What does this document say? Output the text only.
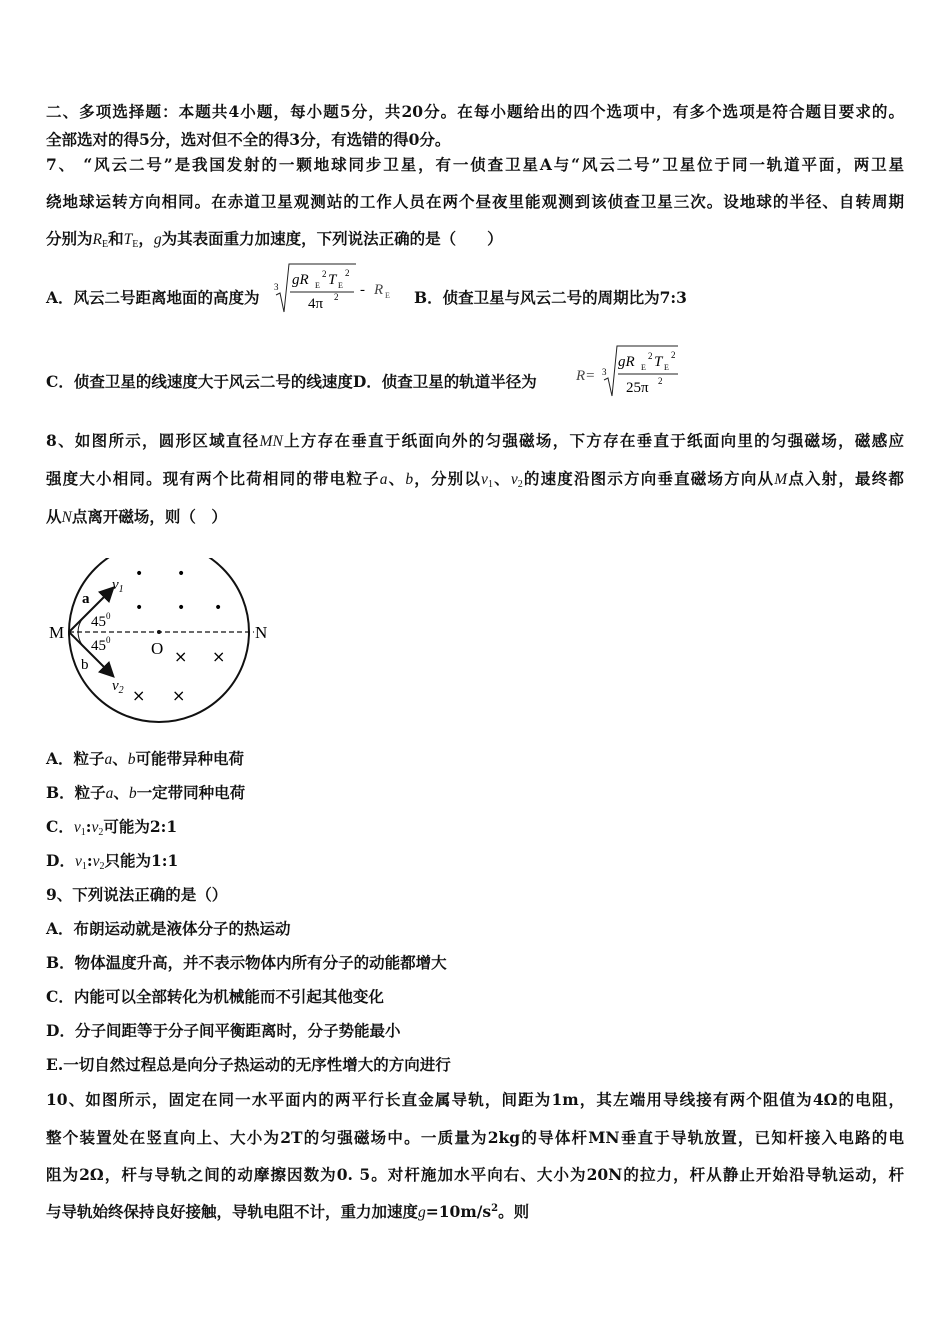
二、多项选择题：本题共4小题，每小题5分，共20分。在每小题给出的四个选项中，有多个选项是符合题目要求的。
全部选对的得5分，选对但不全的得3分，有选错的得0分。
7、 “风云二号”是我国发射的一颗地球同步卫星，有一侦查卫星A与“风云二号”卫星位于同一轨道平面，两卫星
绕地球运转方向相同。在赤道卫星观测站的工作人员在两个昼夜里能观测到该侦查卫星三次。设地球的半径、自转周期
分别为$R_E$和$T_E$，g为其表面重力加速度，下列说法正确的是（　　）
A．风云二号距离地面的高度为
3 gR E
2 T E
2
4π 2 - R E B．侦查卫星与风云二号的周期比为7:3
C．侦查卫星的线速度大于风云二号的线速度D．侦查卫星的轨道半径为	R= 3
gR E
2 T E
2
25π 2
8、如图所示，圆形区域直径MN上方存在垂直于纸面向外的匀强磁场，下方存在垂直于纸面向里的匀强磁场，磁感应
强度大小相同。现有两个比荷相同的带电粒子a、b，分别以$v_1$、$v_2$的速度沿图示方向垂直磁场方向从M点入射，最终都
从N点离开磁场，则（　）
M	N
O
$v_1$
$v_2$
a
b
$45^0$
$45^0$
• •
• • •
× ×
× ×
A．粒子a、b可能带异种电荷
B．粒子a、b一定带同种电荷
C．$v_1:v_2$可能为2:1
D．$v_1:v_2$只能为1:1
9、下列说法正确的是（）
A．布朗运动就是液体分子的热运动
B．物体温度升高，并不表示物体内所有分子的动能都增大
C．内能可以全部转化为机械能而不引起其他变化
D．分子间距等于分子间平衡距离时，分子势能最小
E.一切自然过程总是向分子热运动的无序性增大的方向进行
10、如图所示，固定在同一水平面内的两平行长直金属导轨，间距为1m，其左端用导线接有两个阻值为4Ω的电阻，
整个装置处在竖直向上、大小为2T的匀强磁场中。一质量为2kg的导体杆MN垂直于导轨放置，已知杆接入电路的电
阻为2Ω，杆与导轨之间的动摩擦因数为0. 5。对杆施加水平向右、大小为20N的拉力，杆从静止开始沿导轨运动，杆
与导轨始终保持良好接触，导轨电阻不计，重力加速度$g=10m/s^2$。则
